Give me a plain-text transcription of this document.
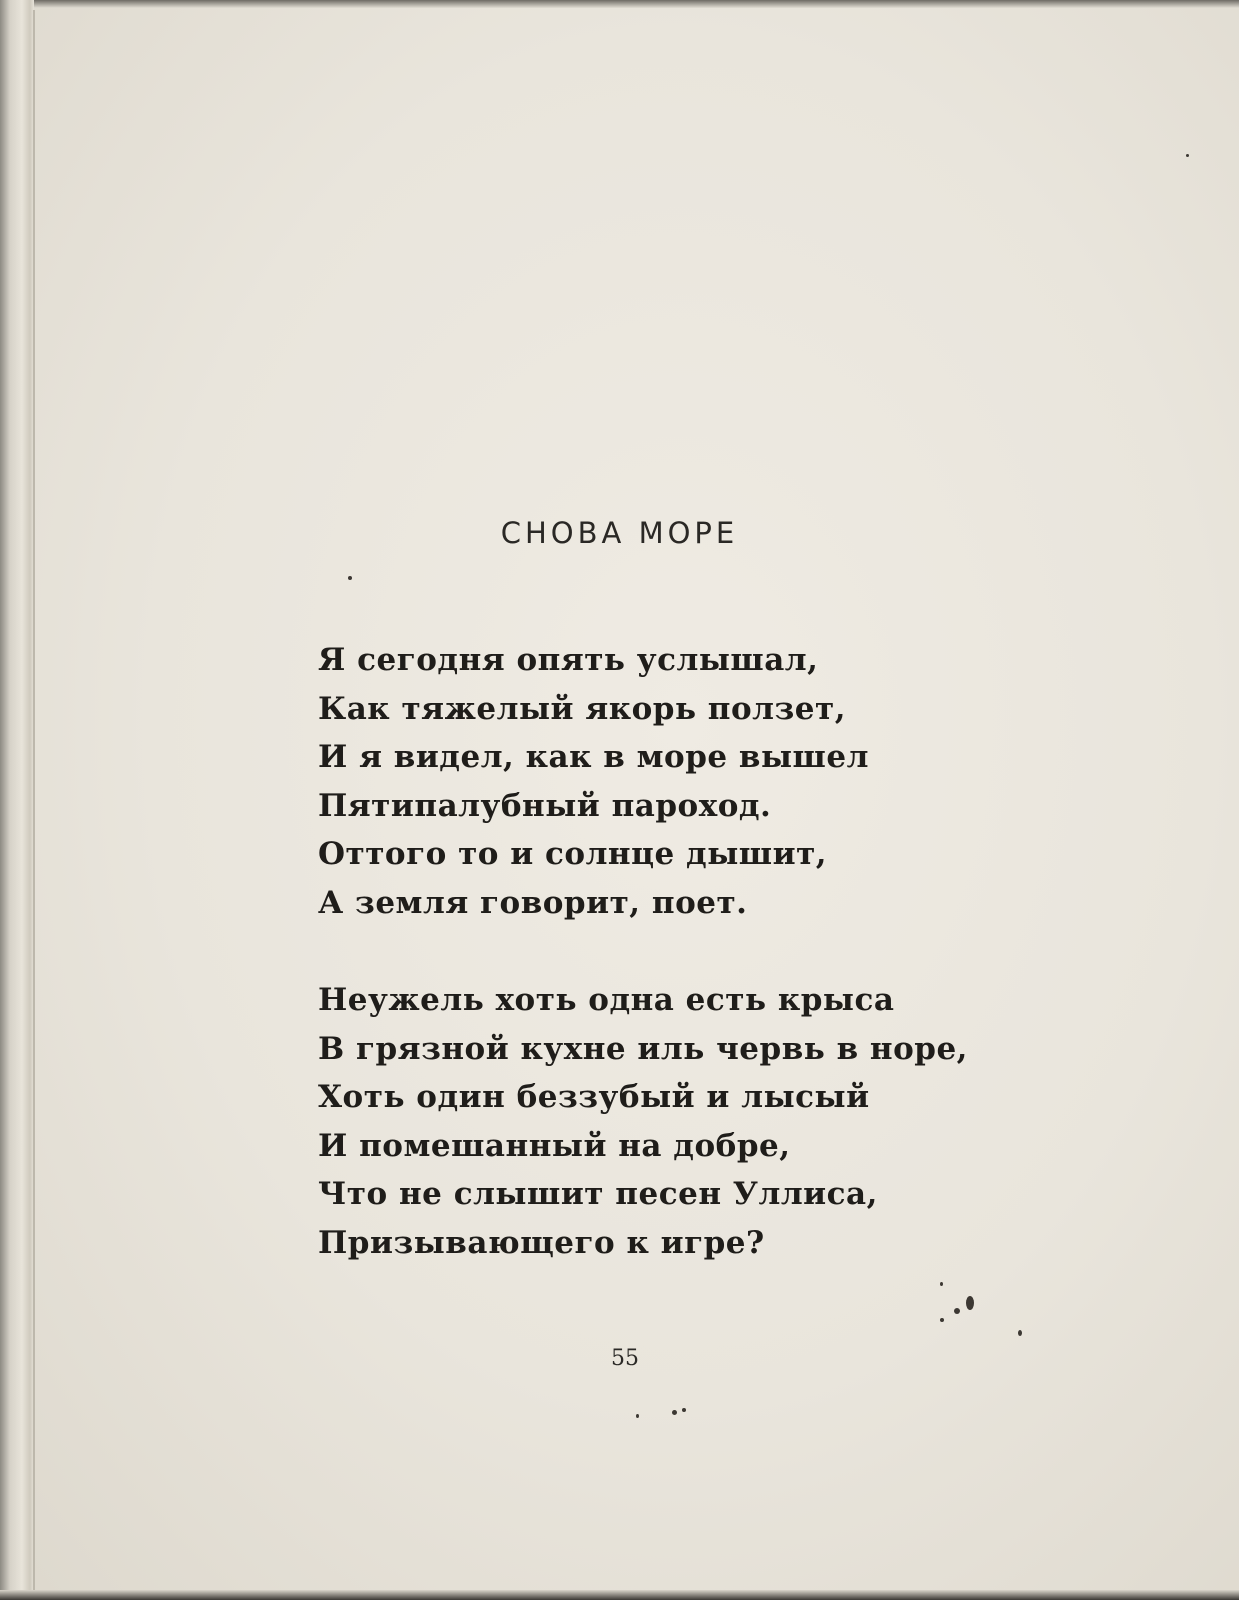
СНОВА МОРЕ
Я сегодня опять услышал,
Как тяжелый якорь ползет,
И я видел, как в море вышел
Пятипалубный пароход.
Оттого то и солнце дышит,
А земля говорит, поет.
Неужель хоть одна есть крыса
В грязной кухне иль червь в норе,
Хоть один беззубый и лысый
И помешанный на добре,
Что не слышит песен Уллиса,
Призывающего к игре?
55
